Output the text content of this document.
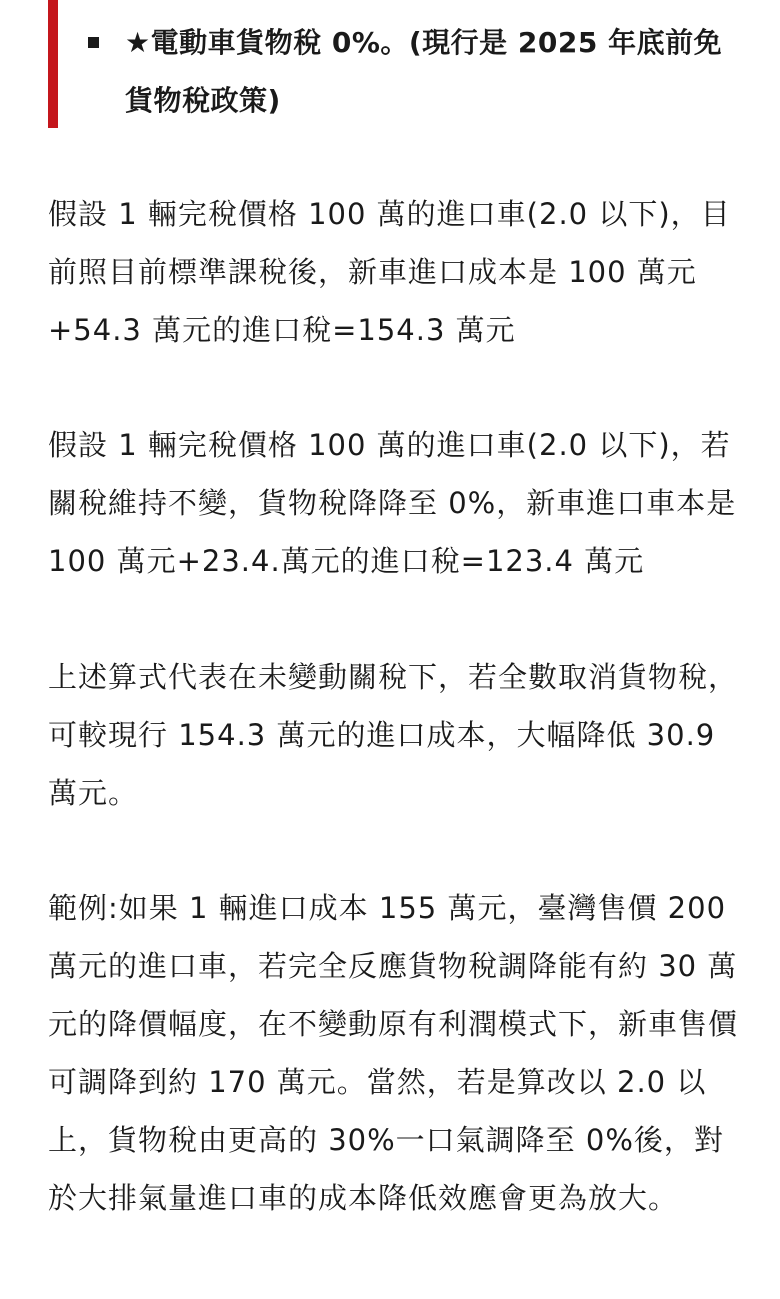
★電動車貨物稅 0%。(現行是 2025 年底前免貨物稅政策)

假設 1 輛完稅價格 100 萬的進口車(2.0 以下)，目前照目前標準課稅後，新車進口成本是 100 萬元+54.3 萬元的進口稅=154.3 萬元

假設 1 輛完稅價格 100 萬的進口車(2.0 以下)，若關稅維持不變，貨物稅降降至 0%，新車進口車本是 100 萬元+23.4.萬元的進口稅=123.4 萬元

上述算式代表在未變動關稅下，若全數取消貨物稅，可較現行 154.3 萬元的進口成本，大幅降低 30.9 萬元。

範例:如果 1 輛進口成本 155 萬元，臺灣售價 200 萬元的進口車，若完全反應貨物稅調降能有約 30 萬元的降價幅度，在不變動原有利潤模式下，新車售價可調降到約 170 萬元。當然，若是算改以 2.0 以上，貨物稅由更高的 30%一口氣調降至 0%後，對於大排氣量進口車的成本降低效應會更為放大。
